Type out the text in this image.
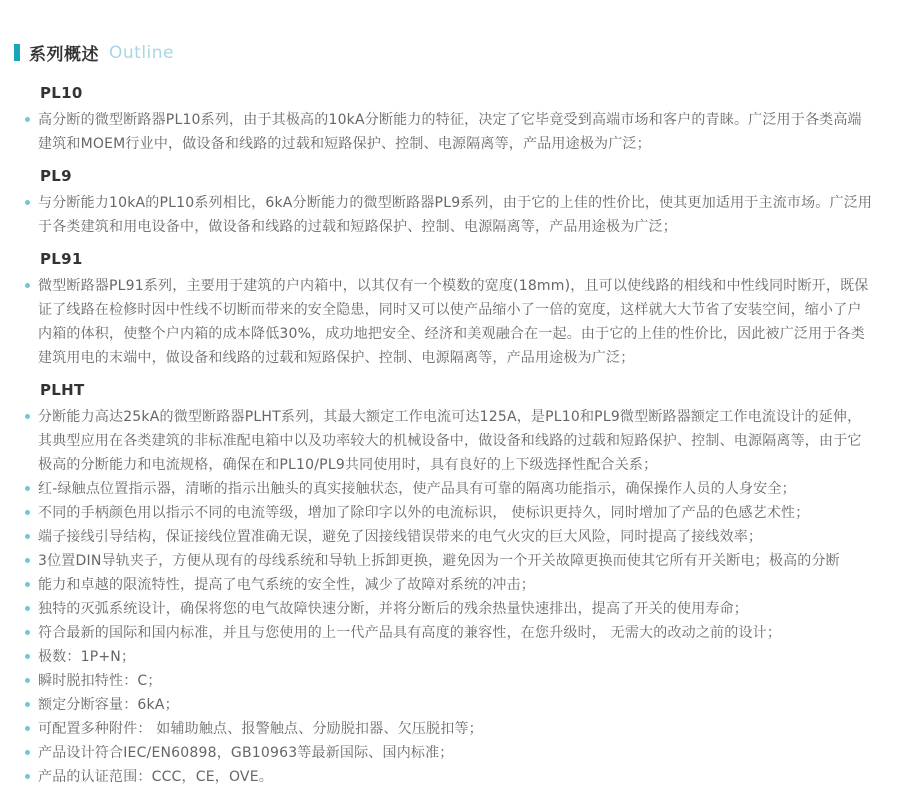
系列概述 Outline
PL10
高分断的微型断路器PL10系列，由于其极高的10kA分断能力的特征，决定了它毕竟受到高端市场和客户的青睐。广泛用于各类高端建筑和MOEM行业中，做设备和线路的过载和短路保护、控制、电源隔离等，产品用途极为广泛；
PL9
与分断能力10kA的PL10系列相比，6kA分断能力的微型断路器PL9系列，由于它的上佳的性价比，使其更加适用于主流市场。广泛用于各类建筑和用电设备中，做设备和线路的过载和短路保护、控制、电源隔离等，产品用途极为广泛；
PL91
微型断路器PL91系列，主要用于建筑的户内箱中，以其仅有一个模数的宽度(18mm)，且可以使线路的相线和中性线同时断开，既保证了线路在检修时因中性线不切断而带来的安全隐患，同时又可以使产品缩小了一倍的宽度，这样就大大节省了安装空间，缩小了户内箱的体积，使整个户内箱的成本降低30%，成功地把安全、经济和美观融合在一起。由于它的上佳的性价比，因此被广泛用于各类建筑用电的末端中，做设备和线路的过载和短路保护、控制、电源隔离等，产品用途极为广泛；
PLHT
分断能力高达25kA的微型断路器PLHT系列，其最大额定工作电流可达125A，是PL10和PL9微型断路器额定工作电流设计的延伸，其典型应用在各类建筑的非标准配电箱中以及功率较大的机械设备中，做设备和线路的过载和短路保护、控制、电源隔离等，由于它极高的分断能力和电流规格，确保在和PL10/PL9共同使用时，具有良好的上下级选择性配合关系；
红-绿触点位置指示器，清晰的指示出触头的真实接触状态，使产品具有可靠的隔离功能指示，确保操作人员的人身安全；
不同的手柄颜色用以指示不同的电流等级，增加了除印字以外的电流标识， 使标识更持久，同时增加了产品的色感艺术性；
端子接线引导结构，保证接线位置准确无误，避免了因接线错误带来的电气火灾的巨大风险，同时提高了接线效率；
3位置DIN导轨夹子，方便从现有的母线系统和导轨上拆卸更换，避免因为一个开关故障更换而使其它所有开关断电；极高的分断
能力和卓越的限流特性，提高了电气系统的安全性，减少了故障对系统的冲击；
独特的灭弧系统设计，确保将您的电气故障快速分断，并将分断后的残余热量快速排出，提高了开关的使用寿命；
符合最新的国际和国内标准，并且与您使用的上一代产品具有高度的兼容性，在您升级时， 无需大的改动之前的设计；
极数：1P+N；
瞬时脱扣特性：C；
额定分断容量：6kA；
可配置多种附件： 如辅助触点、报警触点、分励脱扣器、欠压脱扣等；
产品设计符合IEC/EN60898，GB10963等最新国际、国内标准；
产品的认证范围：CCC，CE，OVE。
